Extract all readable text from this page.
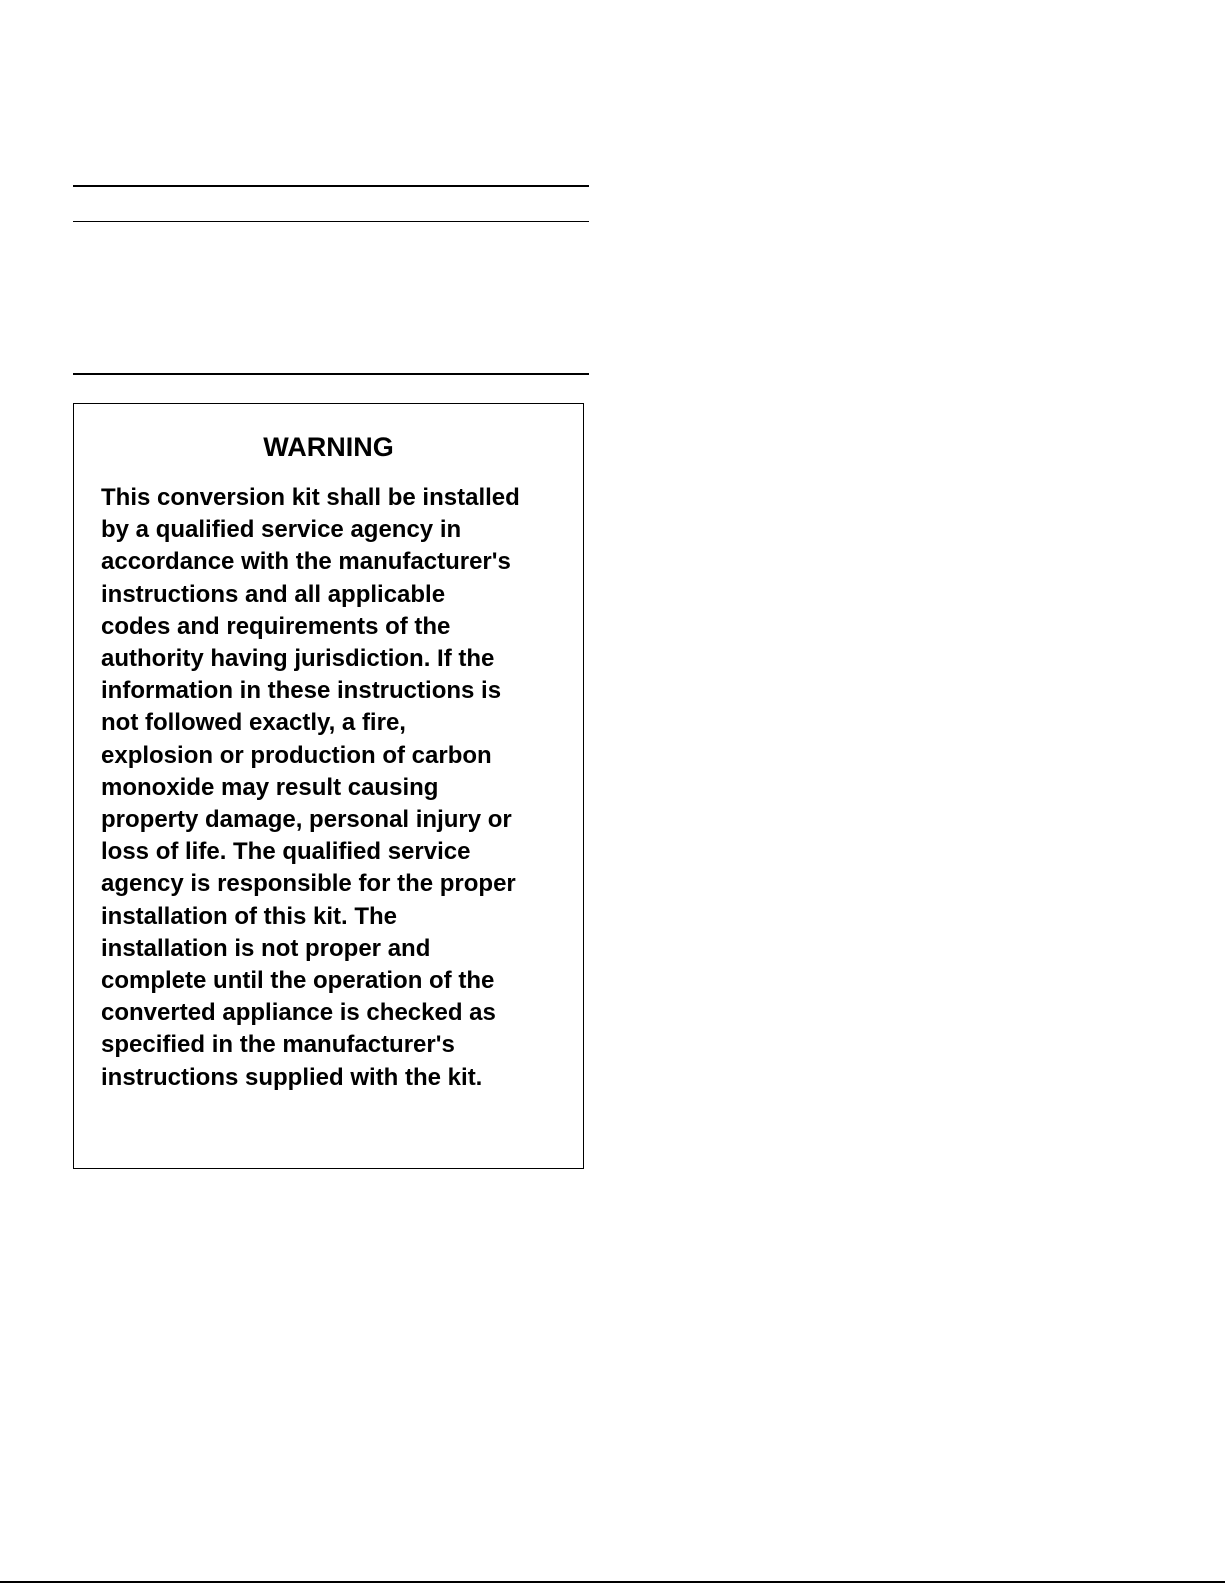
WARNING

This conversion kit shall be installed
by a qualified service agency in
accordance with the manufacturer's
instructions and all applicable
codes and requirements of the
authority having jurisdiction. If the
information in these instructions is
not followed exactly, a fire,
explosion or production of carbon
monoxide may result causing
property damage, personal injury or
loss of life. The qualified service
agency is responsible for the proper
installation of this kit. The
installation is not proper and
complete until the operation of the
converted appliance is checked as
specified in the manufacturer's
instructions supplied with the kit.
